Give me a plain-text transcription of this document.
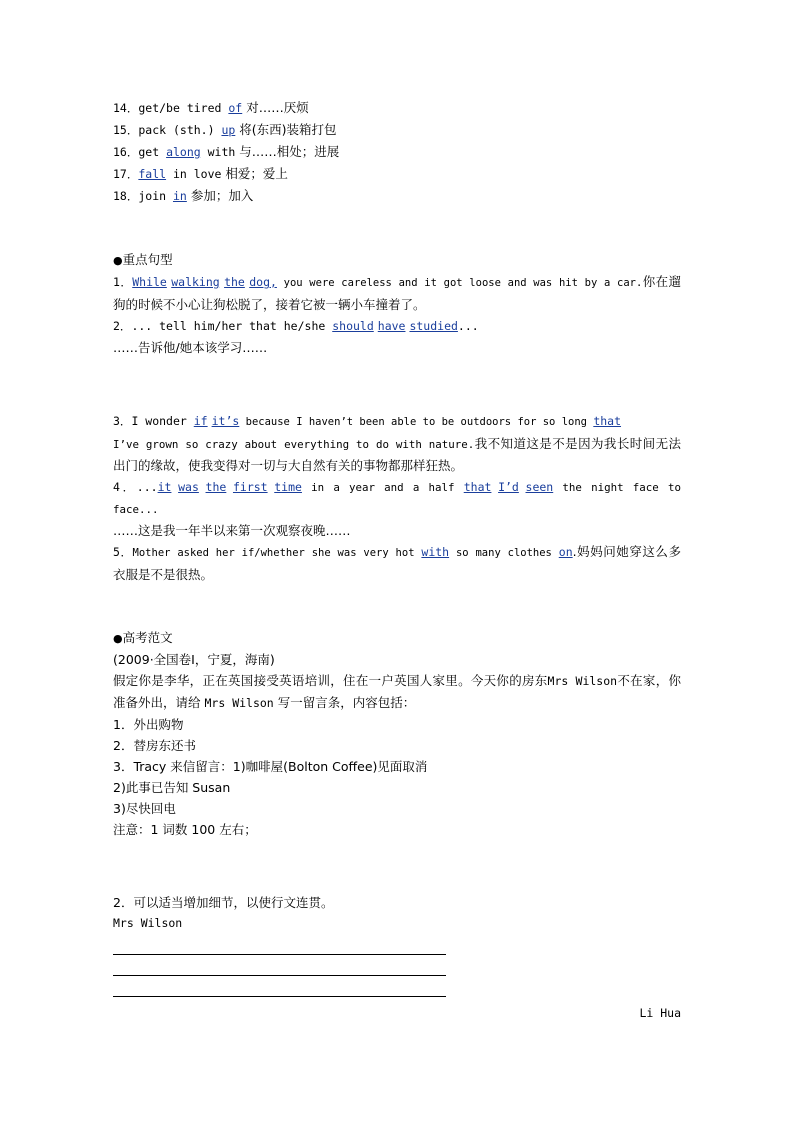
14．get/be tired of 对……厌烦
15．pack (sth.) up 将(东西)装箱打包
16．get along with 与……相处；进展
17．fall in love 相爱；爱上
18．join in 参加；加入
●重点句型
1．While walking the dog, you were careless and it got loose and was hit by a car.你在遛狗的时候不小心让狗松脱了，接着它被一辆小车撞着了。
2．... tell him/her that he/she should have studied...
……告诉他/她本该学习……
3．I wonder if it’s because I haven’t been able to be outdoors for so long that
I’ve grown so crazy about everything to do with nature.我不知道这是不是因为我长时间无法出门的缘故，使我变得对一切与大自然有关的事物都那样狂热。
4．...it was the first time in a year and a half that I’d seen the night face to face...
……这是我一年半以来第一次观察夜晚……
5．Mother asked her if/whether she was very hot with so many clothes on.妈妈问她穿这么多衣服是不是很热。
●高考范文
(2009·全国卷Ⅰ，宁夏，海南)
假定你是李华，正在英国接受英语培训，住在一户英国人家里。今天你的房东Mrs Wilson不在家，你准备外出，请给 Mrs Wilson 写一留言条，内容包括：
1．外出购物
2．替房东还书
3．Tracy 来信留言：1)咖啡屋(Bolton Coffee)见面取消
2)此事已告知 Susan
3)尽快回电
注意：1 词数 100 左右；
2．可以适当增加细节，以使行文连贯。
Mrs Wilson
Li Hua
